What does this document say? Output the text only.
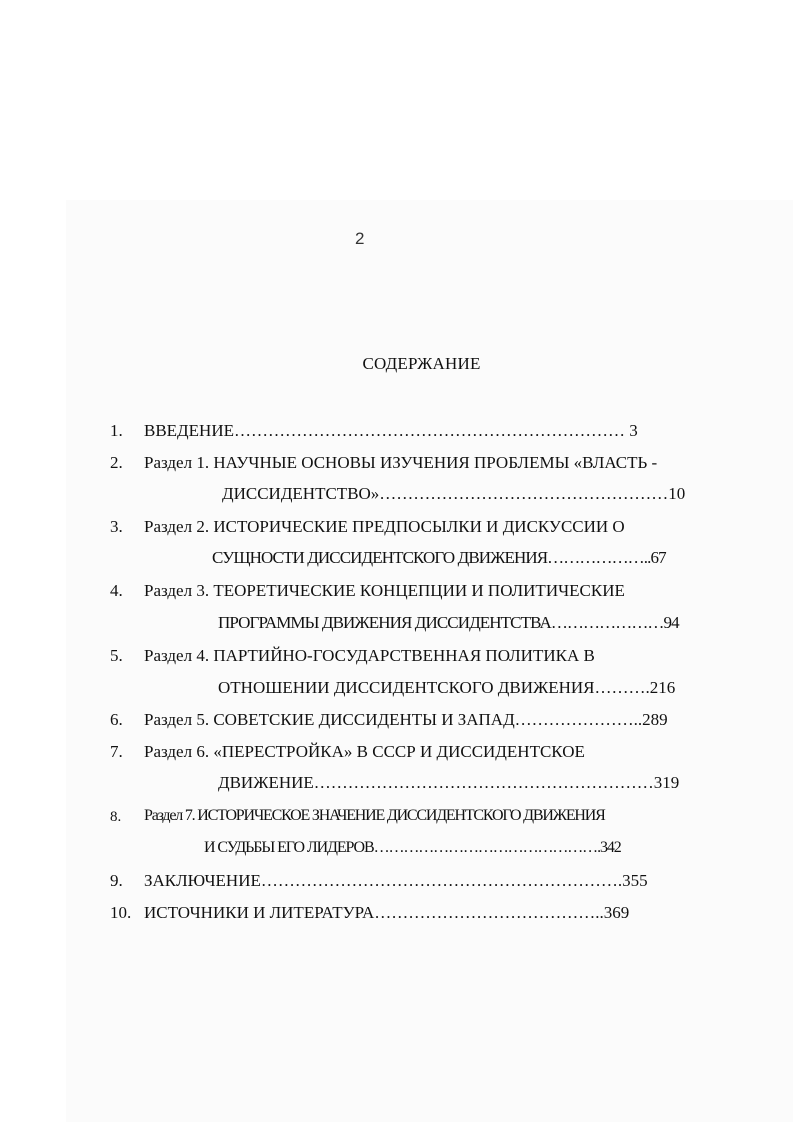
2
СОДЕРЖАНИЕ
1. ВВЕДЕНИЕ…………………………………………………………… 3
2. Раздел 1. НАУЧНЫЕ ОСНОВЫ ИЗУЧЕНИЯ ПРОБЛЕМЫ «ВЛАСТЬ -
ДИССИДЕНТСТВО»……………………………………………10
3. Раздел 2. ИСТОРИЧЕСКИЕ ПРЕДПОСЫЛКИ И ДИСКУССИИ О
СУЩНОСТИ ДИССИДЕНТСКОГО ДВИЖЕНИЯ………………..67
4. Раздел 3. ТЕОРЕТИЧЕСКИЕ КОНЦЕПЦИИ И ПОЛИТИЧЕСКИЕ
ПРОГРАММЫ ДВИЖЕНИЯ ДИССИДЕНТСТВА…………………94
5. Раздел 4. ПАРТИЙНО-ГОСУДАРСТВЕННАЯ ПОЛИТИКА В
ОТНОШЕНИИ ДИССИДЕНТСКОГО ДВИЖЕНИЯ……….216
6. Раздел 5. СОВЕТСКИЕ ДИССИДЕНТЫ И ЗАПАД…………………..289
7. Раздел 6. «ПЕРЕСТРОЙКА» В СССР И ДИССИДЕНТСКОЕ
ДВИЖЕНИЕ……………………………………………………319
8. Раздел 7. ИСТОРИЧЕСКОЕ ЗНАЧЕНИЕ ДИССИДЕНТСКОГО ДВИЖЕНИЯ
И СУДЬБЫ ЕГО ЛИДЕРОВ……………………………………….342
9. ЗАКЛЮЧЕНИЕ……………………………………………………….355
10. ИСТОЧНИКИ И ЛИТЕРАТУРА…………………………………..369
